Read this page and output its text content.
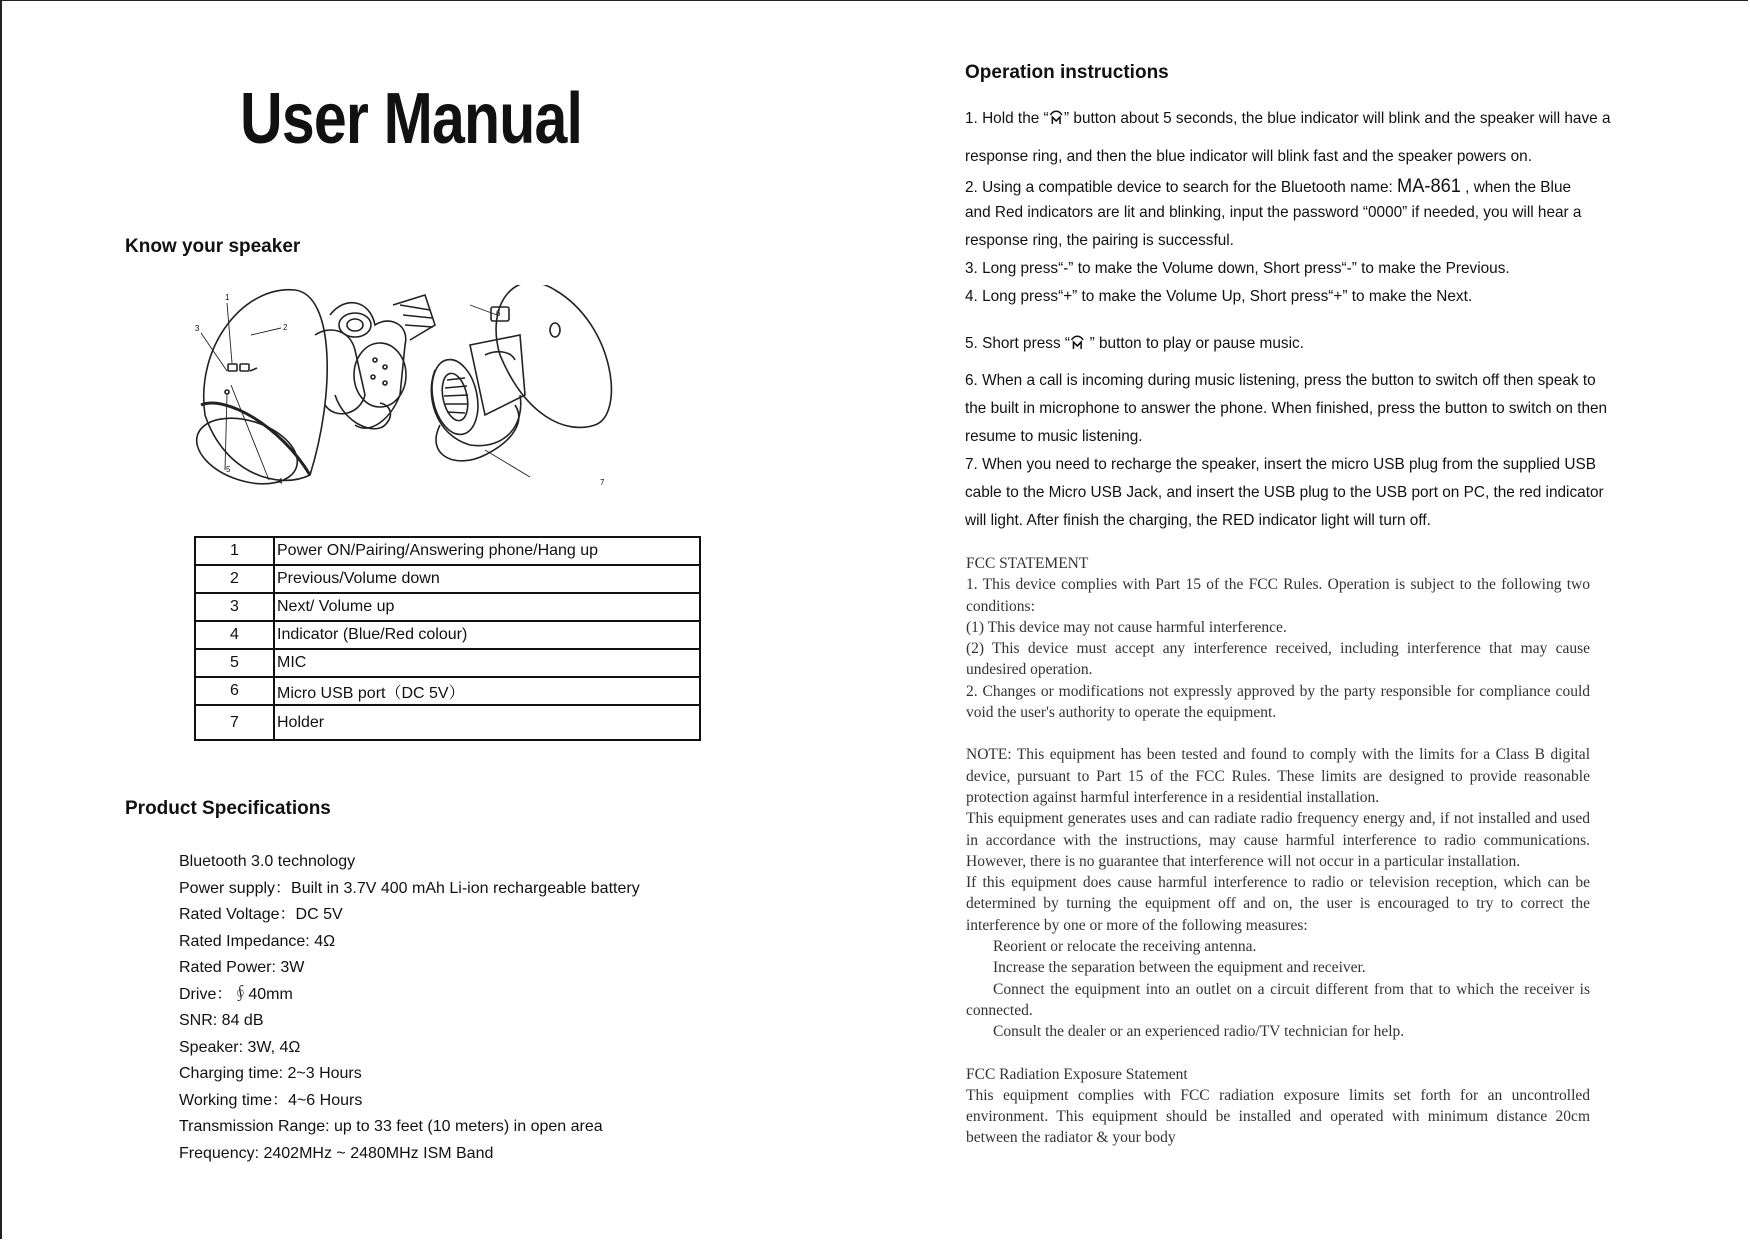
User Manual
Know your speaker
1
2
3
4
5
6
7
1	Power ON/Pairing/Answering phone/Hang up
2	Previous/Volume down
3	Next/ Volume up
4	Indicator (Blue/Red colour)
5	MIC
6	Micro USB port（DC 5V）
7	Holder
Product Specifications
Bluetooth 3.0 technology
Power supply：Built in 3.7V 400 mAh Li-ion rechargeable battery
Rated Voltage：DC 5V
Rated Impedance: 4Ω
Rated Power: 3W
Drive：∮40mm
SNR: 84 dB
Speaker: 3W, 4Ω
Charging time: 2~3 Hours
Working time：4~6 Hours
Transmission Range: up to 33 feet (10 meters) in open area
Frequency: 2402MHz ~ 2480MHz ISM Band
Operation instructions
1. Hold the “ ” button about 5 seconds, the blue indicator will blink and the speaker will have a
response ring, and then the blue indicator will blink fast and the speaker powers on.
2. Using a compatible device to search for the Bluetooth name: MA-861 , when the Blue
and Red indicators are lit and blinking, input the password “0000” if needed, you will hear a
response ring, the pairing is successful.
3. Long press“-” to make the Volume down, Short press“-” to make the Previous.
4. Long press“+” to make the Volume Up, Short press“+” to make the Next.
5. Short press “ ” button to play or pause music.
6. When a call is incoming during music listening, press the button to switch off then speak to
the built in microphone to answer the phone. When finished, press the button to switch on then
resume to music listening.
7. When you need to recharge the speaker, insert the micro USB plug from the supplied USB
cable to the Micro USB Jack, and insert the USB plug to the USB port on PC, the red indicator
will light. After finish the charging, the RED indicator light will turn off.

FCC STATEMENT

1. This device complies with Part 15 of the FCC Rules. Operation is subject to the following two conditions:

(1) This device may not cause harmful interference.

(2) This device must accept any interference received, including interference that may cause undesired operation.

2. Changes or modifications not expressly approved by the party responsible for compliance could void the user's authority to operate the equipment.

NOTE: This equipment has been tested and found to comply with the limits for a Class B digital device, pursuant to Part 15 of the FCC Rules. These limits are designed to provide reasonable protection against harmful interference in a residential installation.

This equipment generates uses and can radiate radio frequency energy and, if not installed and used in accordance with the instructions, may cause harmful interference to radio communications. However, there is no guarantee that interference will not occur in a particular installation.

If this equipment does cause harmful interference to radio or television reception, which can be determined by turning the equipment off and on, the user is encouraged to try to correct the interference by one or more of the following measures:

Reorient or relocate the receiving antenna.

Increase the separation between the equipment and receiver.

Connect the equipment into an outlet on a circuit different from that to which the receiver is connected.

Consult the dealer or an experienced radio/TV technician for help.

FCC Radiation Exposure Statement

This equipment complies with FCC radiation exposure limits set forth for an uncontrolled environment. This equipment should be installed and operated with minimum distance 20cm between the radiator & your body
